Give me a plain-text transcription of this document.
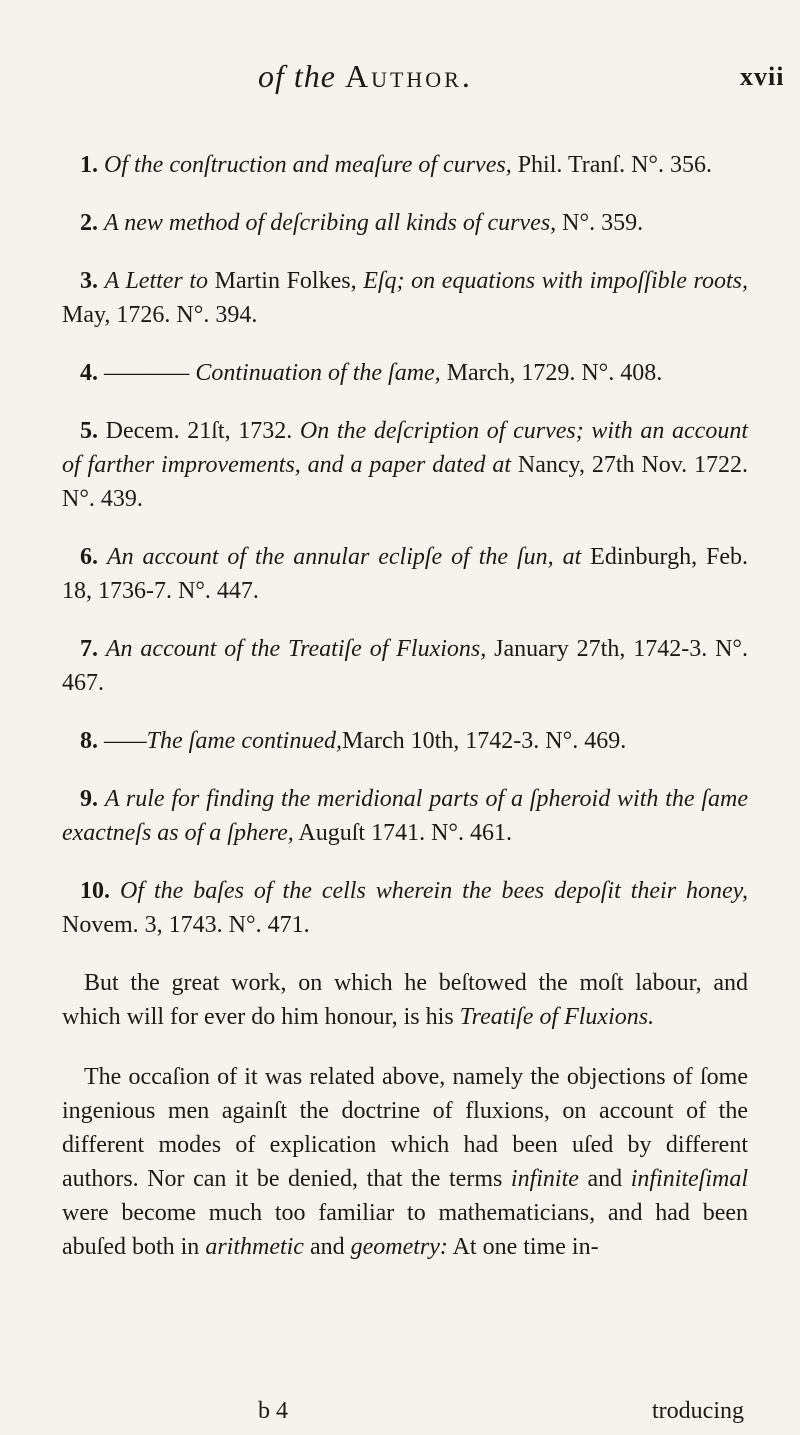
of the Author.	xvii

1. Of the conſtruction and meaſure of curves, Phil. Tranſ. N°. 356.

2. A new method of deſcribing all kinds of curves, N°. 359.

3. A Letter to Martin Folkes, Eſq; on equations with impoſſible roots, May, 1726. N°. 394.

4. ———— Continuation of the ſame, March, 1729. N°. 408.

5. Decem. 21ſt, 1732. On the deſcription of curves; with an account of farther improvements, and a paper dated at Nancy, 27th Nov. 1722. N°. 439.

6. An account of the annular eclipſe of the ſun, at Edinburgh, Feb. 18, 1736-7. N°. 447.

7. An account of the Treatiſe of Fluxions, January 27th, 1742-3. N°. 467.

8. ——The ſame continued,March 10th, 1742-3. N°. 469.

9. A rule for finding the meridional parts of a ſpheroid with the ſame exactneſs as of a ſphere, Auguſt 1741. N°. 461.

10. Of the baſes of the cells wherein the bees depoſit their honey, Novem. 3, 1743. N°. 471.

But the great work, on which he beſtowed the moſt labour, and which will for ever do him honour, is his Treatiſe of Fluxions.

The occaſion of it was related above, namely the objections of ſome ingenious men againſt the doctrine of fluxions, on account of the different modes of explication which had been uſed by different authors. Nor can it be denied, that the terms infinite and infiniteſimal were become much too familiar to mathematicians, and had been abuſed both in arithmetic and geometry: At one time in-

b 4	troducing
